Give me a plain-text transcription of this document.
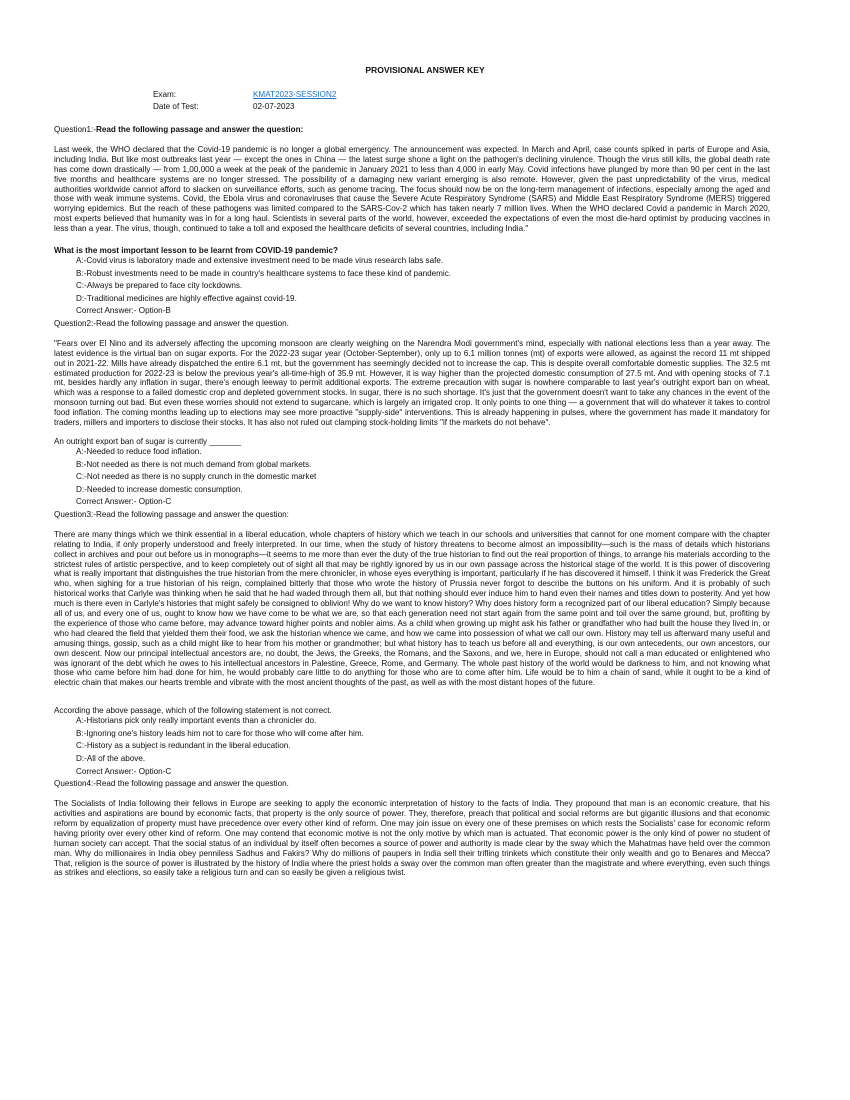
PROVISIONAL ANSWER KEY
Exam:	KMAT2023-SESSION2
Date of Test:	02-07-2023

Question1:-Read the following passage and answer the question:

Last week, the WHO declared that the Covid-19 pandemic is no longer a global emergency. The announcement was expected. In March and April, case counts spiked in parts of Europe and Asia, including India. But like most outbreaks last year — except the ones in China — the latest surge shone a light on the pathogen's declining virulence. Though the virus still kills, the global death rate has come down drastically — from 1,00,000 a week at the peak of the pandemic in January 2021 to less than 4,000 in early May. Covid infections have plunged by more than 90 per cent in the last five months and healthcare systems are no longer stressed. The possibility of a damaging new variant emerging is also remote. However, given the past unpredictability of the virus, medical authorities worldwide cannot afford to slacken on surveillance efforts, such as genome tracing. The focus should now be on the long-term management of infections, especially among the aged and those with weak immune systems. Covid, the Ebola virus and coronaviruses that cause the Severe Acute Respiratory Syndrome (SARS) and Middle East Respiratory Syndrome (MERS) triggered worrying epidemics. But the reach of these pathogens was limited compared to the SARS-Cov-2 which has taken nearly 7 million lives. When the WHO declared Covid a pandemic in March 2020, most experts believed that humanity was in for a long haul. Scientists in several parts of the world, however, exceeded the expectations of even the most die-hard optimist by producing vaccines in less than a year. The virus, though, continued to take a toll and exposed the healthcare deficits of several countries, including India."

What is the most important lesson to be learnt from COVID-19 pandemic?

A:-Covid virus is laboratory made and extensive investment need to be made virus research labs safe.

B:-Robust investments need to be made in country's healthcare systems to face these kind of pandemic.

C:-Always be prepared to face city lockdowns.

D:-Traditional medicines are highly effective against covid-19.

Correct Answer:- Option-B

Question2:-Read the following passage and answer the question.

"Fears over El Nino and its adversely affecting the upcoming monsoon are clearly weighing on the Narendra Modi government's mind, especially with national elections less than a year away. The latest evidence is the virtual ban on sugar exports. For the 2022-23 sugar year (October-September), only up to 6.1 million tonnes (mt) of exports were allowed, as against the record 11 mt shipped out in 2021-22. Mills have already dispatched the entire 6.1 mt, but the government has seemingly decided not to increase the cap. This is despite overall comfortable domestic supplies. The 32.5 mt estimated production for 2022-23 is below the previous year's all-time-high of 35.9 mt. However, it is way higher than the projected domestic consumption of 27.5 mt. And with opening stocks of 7.1 mt, besides hardly any inflation in sugar, there's enough leeway to permit additional exports. The extreme precaution with sugar is nowhere comparable to last year's outright export ban on wheat, which was a response to a failed domestic crop and depleted government stocks. In sugar, there is no such shortage. It's just that the government doesn't want to take any chances in the event of the monsoon turning out bad. But even these worries should not extend to sugarcane, which is largely an irrigated crop. It only points to one thing — a government that will do whatever it takes to control food inflation. The coming months leading up to elections may see more proactive "supply-side" interventions. This is already happening in pulses, where the government has made it mandatory for traders, millers and importers to disclose their stocks. It has also not ruled out clamping stock-holding limits "if the markets do not behave".

An outright export ban of sugar is currently _______

A:-Needed to reduce food inflation.

B:-Not needed as there is not much demand from global markets.

C:-Not needed as there is no supply crunch in the domestic market

D:-Needed to increase domestic consumption.

Correct Answer:- Option-C

Question3:-Read the following passage and answer the question:

There are many things which we think essential in a liberal education, whole chapters of history which we teach in our schools and universities that cannot for one moment compare with the chapter relating to India, if only properly understood and freely interpreted. In our time, when the study of history threatens to become almost an impossibility—such is the mass of details which historians collect in archives and pour out before us in monographs—it seems to me more than ever the duty of the true historian to find out the real proportion of things, to arrange his materials according to the strictest rules of artistic perspective, and to keep completely out of sight all that may be rightly ignored by us in our own passage across the historical stage of the world. It is this power of discovering what is really important that distinguishes the true historian from the mere chronicler, in whose eyes everything is important, particularly if he has discovered it himself. I think it was Frederick the Great who, when sighing for a true historian of his reign, complained bitterly that those who wrote the history of Prussia never forgot to describe the buttons on his uniform. And it is probably of such historical works that Carlyle was thinking when he said that he had waded through them all, but that nothing should ever induce him to hand even their names and titles down to posterity. And yet how much is there even in Carlyle's histories that might safely be consigned to oblivion! Why do we want to know history? Why does history form a recognized part of our liberal education? Simply because all of us, and every one of us, ought to know how we have come to be what we are, so that each generation need not start again from the same point and toil over the same ground, but, profiting by the experience of those who came before, may advance toward higher points and nobler aims. As a child when growing up might ask his father or grandfather who had built the house they lived in, or who had cleared the field that yielded them their food, we ask the historian whence we came, and how we came into possession of what we call our own. History may tell us afterward many useful and amusing things, gossip, such as a child might like to hear from his mother or grandmother; but what history has to teach us before all and everything, is our own antecedents, our own ancestors, our own descent. Now our principal intellectual ancestors are, no doubt, the Jews, the Greeks, the Romans, and the Saxons, and we, here in Europe, should not call a man educated or enlightened who was ignorant of the debt which he owes to his intellectual ancestors in Palestine, Greece, Rome, and Germany. The whole past history of the world would be darkness to him, and not knowing what those who came before him had done for him, he would probably care little to do anything for those who are to come after him. Life would be to him a chain of sand, while it ought to be a kind of electric chain that makes our hearts tremble and vibrate with the most ancient thoughts of the past, as well as with the most distant hopes of the future.

According the above passage, which of the following statement is not correct.

A:-Historians pick only really important events than a chronicler do.

B:-Ignoring one's history leads him not to care for those who will come after him.

C:-History as a subject is redundant in the liberal education.

D:-All of the above.

Correct Answer:- Option-C

Question4:-Read the following passage and answer the question.

The Socialists of India following their fellows in Europe are seeking to apply the economic interpretation of history to the facts of India. They propound that man is an economic creature, that his activities and aspirations are bound by economic facts, that property is the only source of power. They, therefore, preach that political and social reforms are but gigantic illusions and that economic reform by equalization of property must have precedence over every other kind of reform. One may join issue on every one of these premises on which rests the Socialists' case for economic reform having priority over every other kind of reform. One may contend that economic motive is not the only motive by which man is actuated. That economic power is the only kind of power no student of human society can accept. That the social status of an individual by itself often becomes a source of power and authority is made clear by the sway which the Mahatmas have held over the common man. Why do millionaires in India obey penniless Sadhus and Fakirs? Why do millions of paupers in India sell their trifling trinkets which constitute their only wealth and go to Benares and Mecca? That, religion is the source of power is illustrated by the history of India where the priest holds a sway over the common man often greater than the magistrate and where everything, even such things as strikes and elections, so easily take a religious turn and can so easily be given a religious twist.
